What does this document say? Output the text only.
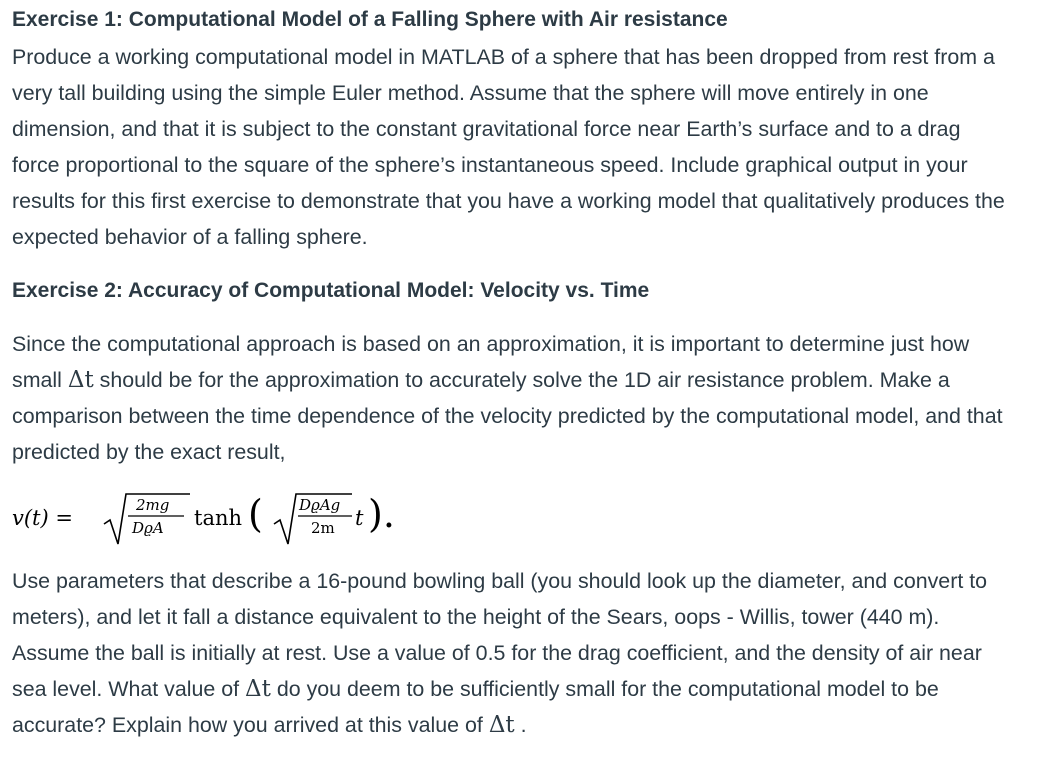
Exercise 1: Computational Model of a Falling Sphere with Air resistance

Produce a working computational model in MATLAB of a sphere that has been dropped from rest from a very tall building using the simple Euler method. Assume that the sphere will move entirely in one dimension, and that it is subject to the constant gravitational force near Earth’s surface and to a drag force proportional to the square of the sphere’s instantaneous speed. Include graphical output in your results for this first exercise to demonstrate that you have a working model that qualitatively produces the expected behavior of a falling sphere.

Exercise 2: Accuracy of Computational Model: Velocity vs. Time

Since the computational approach is based on an approximation, it is important to determine just how small Δt should be for the approximation to accurately solve the 1D air resistance problem. Make a comparison between the time dependence of the velocity predicted by the computational model, and that predicted by the exact result,

v(t) =
2mg
DϱA tanh ( DϱAg
2m t ).

Use parameters that describe a 16-pound bowling ball (you should look up the diameter, and convert to meters), and let it fall a distance equivalent to the height of the Sears, oops - Willis, tower (440 m). Assume the ball is initially at rest. Use a value of 0.5 for the drag coefficient, and the density of air near sea level. What value of Δt do you deem to be sufficiently small for the computational model to be accurate? Explain how you arrived at this value of Δt .
